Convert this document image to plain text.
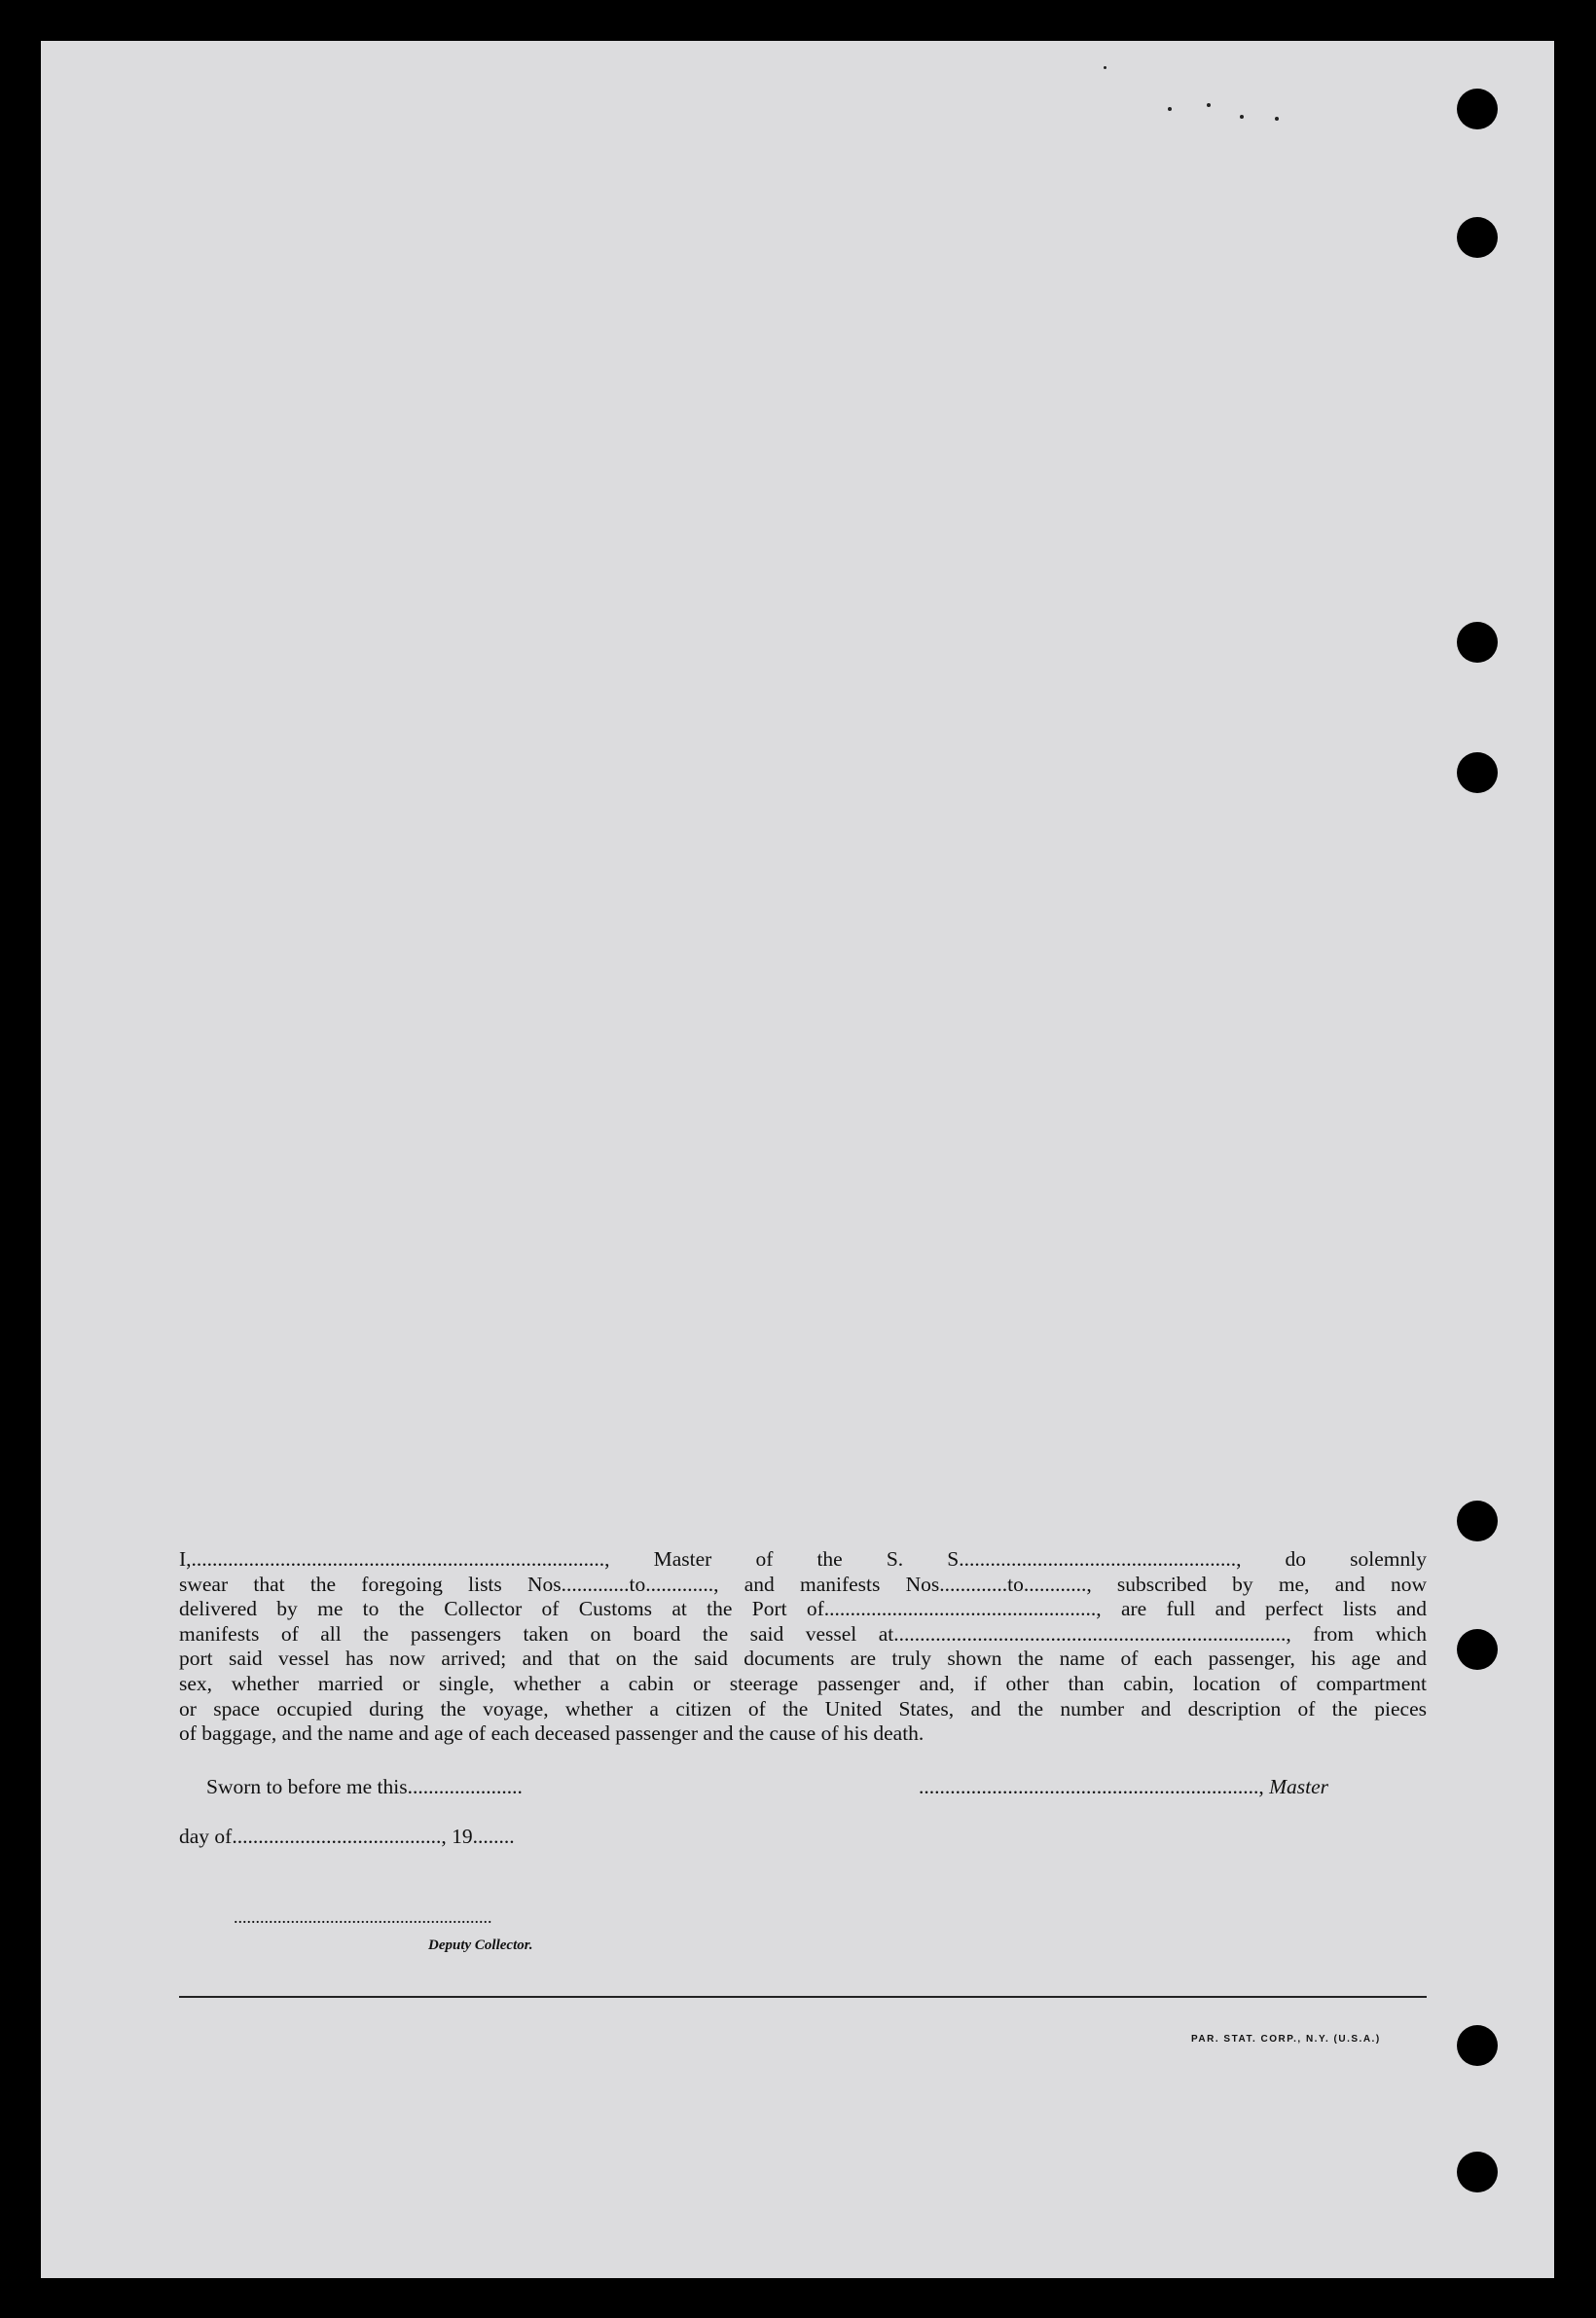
I,..............................................................................., Master of the S. S....................................................., do solemnly
swear that the foregoing lists Nos.............to............., and manifests Nos.............to............, subscribed by me, and now
delivered by me to the Collector of Customs at the Port of...................................................., are full and perfect lists and
manifests of all the passengers taken on board the said vessel at..........................................................................., from which
port said vessel has now arrived; and that on the said documents are truly shown the name of each passenger, his age and
sex, whether married or single, whether a cabin or steerage passenger and, if other than cabin, location of compartment
or space occupied during the voyage, whether a citizen of the United States, and the number and description of the pieces
of baggage, and the name and age of each deceased passenger and the cause of his death.
Sworn to before me this......................	................................................................., Master
day of........................................, 19........
...........................................................
Deputy Collector.
PAR. STAT. CORP., N.Y. (U.S.A.)
